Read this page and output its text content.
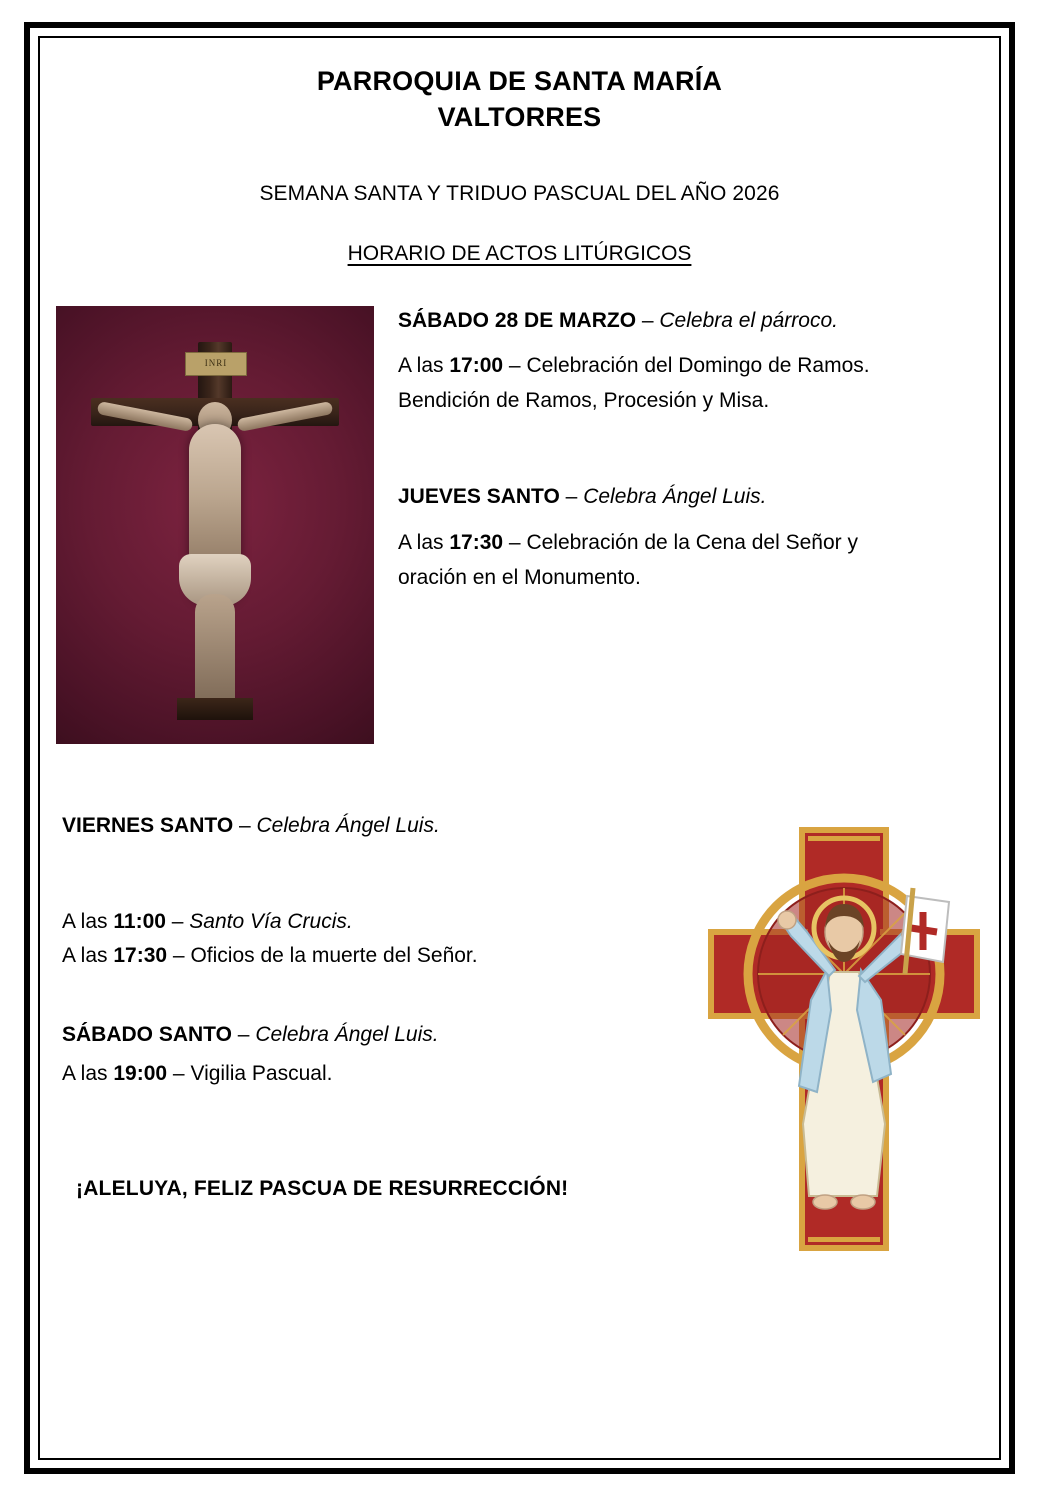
PARROQUIA DE SANTA MARÍA
VALTORRES
SEMANA SANTA Y TRIDUO PASCUAL DEL AÑO 2026
HORARIO DE ACTOS LITÚRGICOS
INRI

SÁBADO 28 DE MARZO – Celebra el párroco.

A las 17:00 – Celebración del Domingo de Ramos.

Bendición de Ramos, Procesión y Misa.

JUEVES SANTO – Celebra Ángel Luis.

A las 17:30 – Celebración de la Cena del Señor y

oración en el Monumento.

VIERNES SANTO – Celebra Ángel Luis.

A las 11:00 – Santo Vía Crucis.

A las 17:30 – Oficios de la muerte del Señor.

SÁBADO SANTO – Celebra Ángel Luis.

A las 19:00 – Vigilia Pascual.

¡ALELUYA, FELIZ PASCUA DE RESURRECCIÓN!
